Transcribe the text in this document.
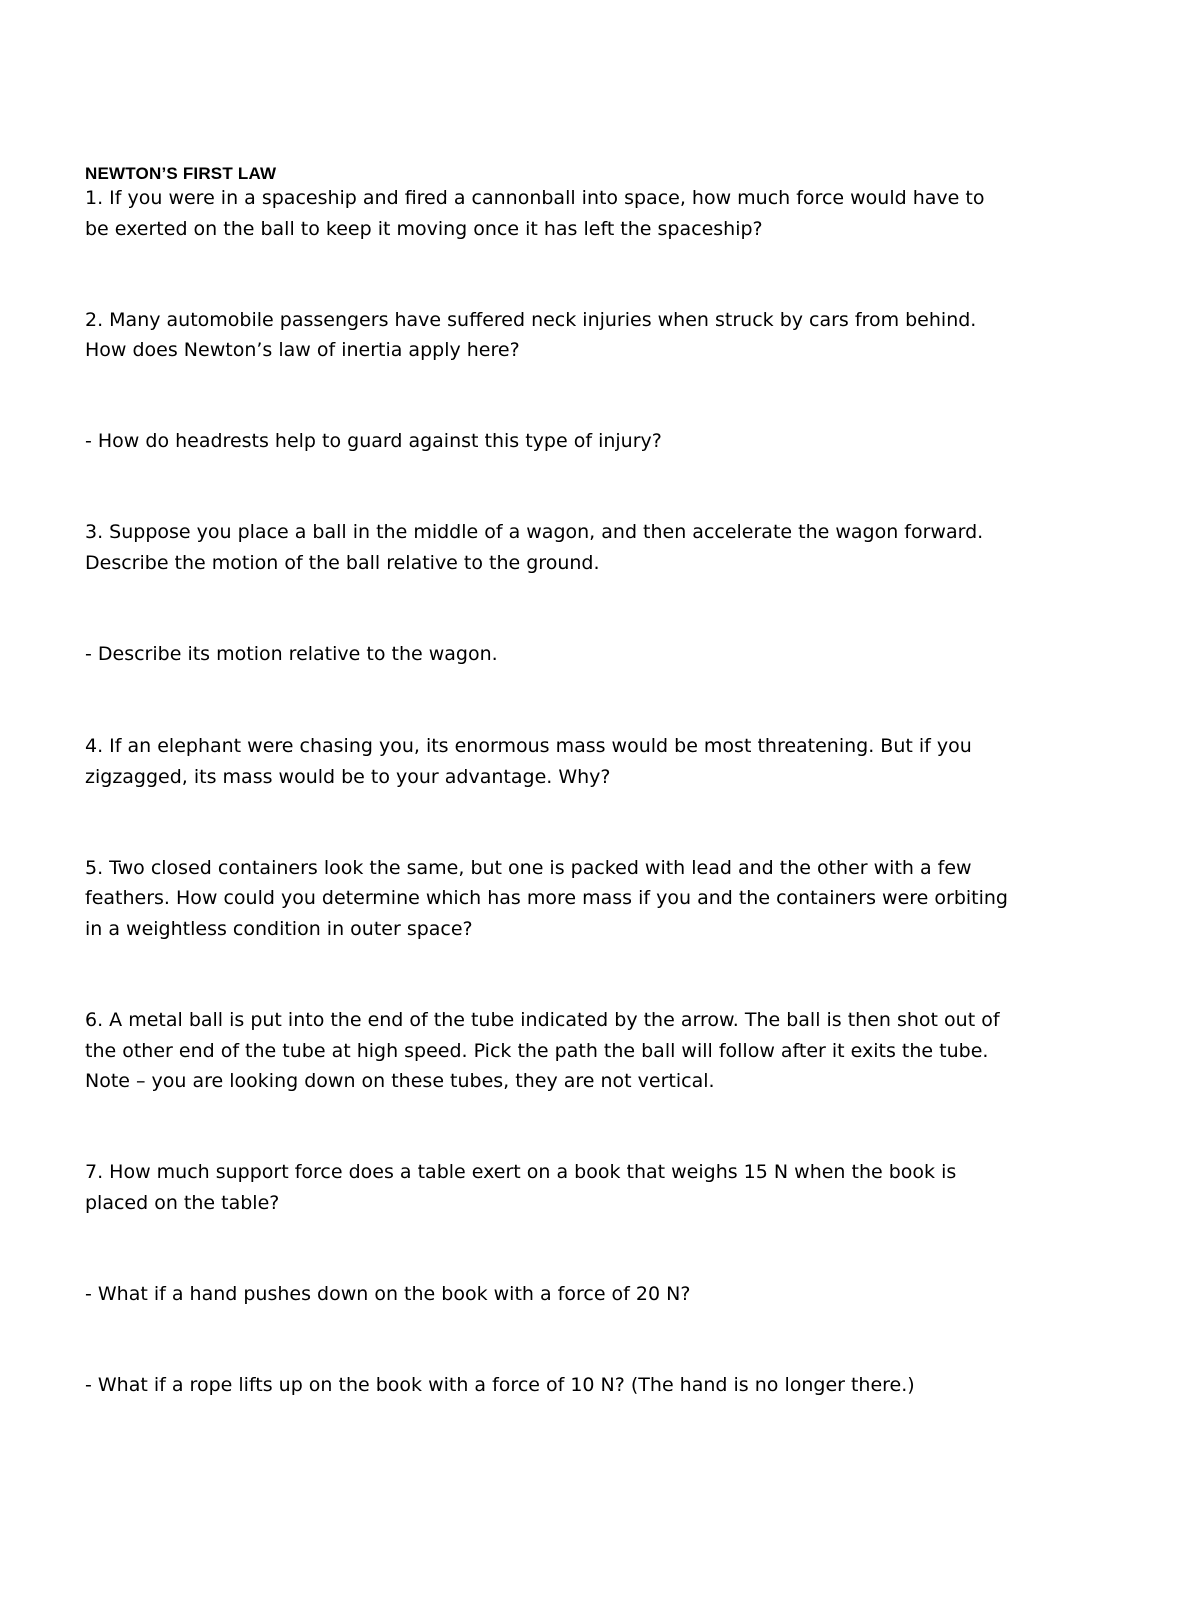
NEWTON’S FIRST LAW
1. If you were in a spaceship and fired a cannonball into space, how much force would have to
be exerted on the ball to keep it moving once it has left the spaceship?
2. Many automobile passengers have suffered neck injuries when struck by cars from behind.
How does Newton’s law of inertia apply here?
- How do headrests help to guard against this type of injury?
3. Suppose you place a ball in the middle of a wagon, and then accelerate the wagon forward.
Describe the motion of the ball relative to the ground.
- Describe its motion relative to the wagon.
4. If an elephant were chasing you, its enormous mass would be most threatening. But if you
zigzagged, its mass would be to your advantage. Why?
5. Two closed containers look the same, but one is packed with lead and the other with a few
feathers. How could you determine which has more mass if you and the containers were orbiting
in a weightless condition in outer space?
6. A metal ball is put into the end of the tube indicated by the arrow. The ball is then shot out of
the other end of the tube at high speed. Pick the path the ball will follow after it exits the tube.
Note – you are looking down on these tubes, they are not vertical.
7. How much support force does a table exert on a book that weighs 15 N when the book is
placed on the table?
- What if a hand pushes down on the book with a force of 20 N?
- What if a rope lifts up on the book with a force of 10 N? (The hand is no longer there.)
